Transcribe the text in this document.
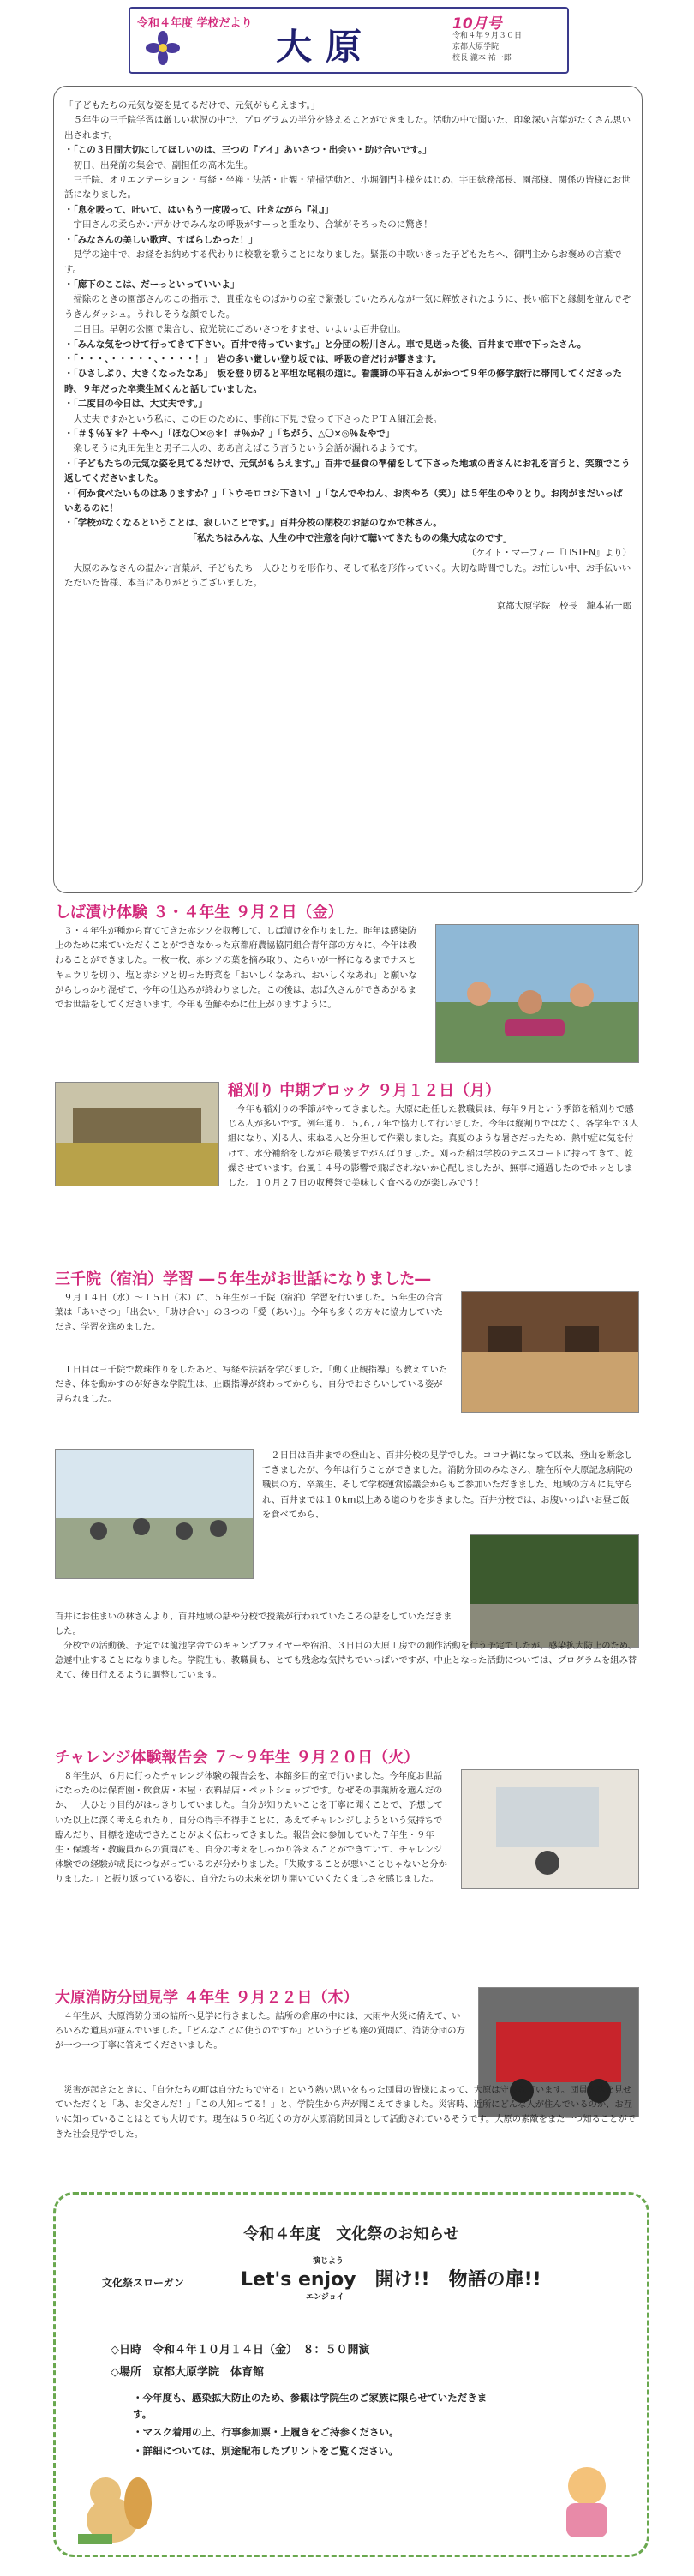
令和４年度 学校だより
大原
10月号
令和４年９月３０日
京都大原学院
校長 瀧本 祐一郎

「子どもたちの元気な姿を見てるだけで、元気がもらえます。」

　５年生の三千院学習は厳しい状況の中で、プログラムの半分を終えることができました。活動の中で聞いた、印象深い言葉がたくさん思い出されます。

・「この３日間大切にしてほしいのは、三つの『アイ』あいさつ・出会い・助け合いです。」

　初日、出発前の集会で、副担任の高木先生。

　三千院、オリエンテーション・写経・坐禅・法話・止観・清掃活動と、小堀御門主様をはじめ、宇田総務部長、園部様、関係の皆様にお世話になりました。

・「息を吸って、吐いて、はいもう一度吸って、吐きながら『礼』」

　宇田さんの柔らかい声かけでみんなの呼吸がすーっと重なり、合掌がそろったのに驚き！

・「みなさんの美しい歌声、すばらしかった！」

　見学の途中で、お経をお納めする代わりに校歌を歌うことになりました。緊張の中歌いきった子どもたちへ、御門主からお褒めの言葉です。

・「廊下のここは、だーっといっていいよ」

　掃除のときの園部さんのこの指示で、貴重なものばかりの室で緊張していたみんなが一気に解放されたように、長い廊下と縁側を並んでぞうきんダッシュ。うれしそうな顔でした。

　二日目。早朝の公園で集合し、寂光院にごあいさつをすませ、いよいよ百井登山。

・「みんな気をつけて行ってきて下さい。百井で待っています。」と分団の粉川さん。車で見送った後、百井まで車で下ったさん。

・「・・・、・・・・・、・・・・！」　岩の多い厳しい登り坂では、呼吸の音だけが響きます。

・「ひさしぶり、大きくなったなあ」　坂を登り切ると平坦な尾根の道に。看護師の平石さんがかつて９年の修学旅行に帯同してくださった時、９年だった卒業生Ｍくんと話していました。

・「二度目の今日は、大丈夫です。」

　大丈夫ですかという私に、この日のために、事前に下見で登って下さったＰＴＡ細江会長。

・「＃＄％￥＊？＋やへ」「ほな〇×◎＊！＃％か？」「ちがう、△〇×◎％＆やで」

　楽しそうに丸田先生と男子二人の、ああ言えばこう言うという会話が漏れるようです。

・「子どもたちの元気な姿を見てるだけで、元気がもらえます。」百井で昼食の準備をして下さった地域の皆さんにお礼を言うと、笑顔でこう返してくださいました。

・「何か食べたいものはありますか？」「トウモロコシ下さい！」「なんでやねん、お肉やろ（笑）」は５年生のやりとり。お肉がまだいっぱいあるのに！

・「学校がなくなるということは、寂しいことです。」百井分校の閉校のお話のなかで林さん。

　「私たちはみんな、人生の中で注意を向けて聴いてきたものの集大成なのです」

（ケイト・マーフィー『LISTEN』より）

　大原のみなさんの温かい言葉が、子どもたち一人ひとりを形作り、そして私を形作っていく。大切な時間でした。お忙しい中、お手伝いいただいた皆様、本当にありがとうございました。

京都大原学院　校長　瀧本祐一郎

しば漬け体験 ３・４年生 ９月２日（金）
　３・４年生が種から育ててきた赤シソを収穫して、しば漬けを作りました。昨年は感染防止のために来ていただくことができなかった京都府農協協同組合青年部の方々に、今年は教わることができました。一枚一枚、赤シソの葉を摘み取り、たらいが一杯になるまでナスとキュウリを切り、塩と赤シソと切った野菜を「おいしくなあれ、おいしくなあれ」と願いながらしっかり混ぜて、今年の仕込みが終わりました。この後は、志ば久さんができあがるまでお世話をしてくださいます。今年も色鮮やかに仕上がりますように。
稲刈り 中期ブロック ９月１２日（月）
　今年も稲刈りの季節がやってきました。大原に赴任した教職員は、毎年９月という季節を稲刈りで感じる人が多いです。例年通り、５,６,７年で協力して行いました。今年は縦割りではなく、各学年で３人組になり、刈る人、束ねる人と分担して作業しました。真夏のような暑さだったため、熱中症に気を付けて、水分補給をしながら最後までがんばりました。刈った稲は学校のテニスコートに持ってきて、乾燥させています。台風１４号の影響で飛ばされないか心配しましたが、無事に通過したのでホッとしました。１０月２７日の収穫祭で美味しく食べるのが楽しみです！
三千院（宿泊）学習 ―５年生がお世話になりました―
　９月１４日（水）～１５日（木）に、５年生が三千院（宿泊）学習を行いました。５年生の合言葉は「あいさつ」「出会い」「助け合い」の３つの「愛（あい）」。今年も多くの方々に協力していただき、学習を進めました。
　１日目は三千院で数珠作りをしたあと、写経や法話を学びました。「動く止観指導」も教えていただき、体を動かすのが好きな学院生は、止観指導が終わってからも、自分でおさらいしている姿が見られました。
　２日目は百井までの登山と、百井分校の見学でした。コロナ禍になって以来、登山を断念してきましたが、今年は行うことができました。消防分団のみなさん、駐在所や大原記念病院の職員の方、卒業生、そして学校運営協議会からもご参加いただきました。地域の方々に見守られ、百井までは１０km以上ある道のりを歩きました。百井分校では、お腹いっぱいお昼ご飯を食べてから、
百井にお住まいの林さんより、百井地域の話や分校で授業が行われていたころの話をしていただきました。
　分校での活動後、予定では龍池学舎でのキャンプファイヤーや宿泊、３日目の大原工房での創作活動を行う予定でしたが、感染拡大防止のため、急遽中止することになりました。学院生も、教職員も、とても残念な気持ちでいっぱいですが、中止となった活動については、プログラムを組み替えて、後日行えるように調整しています。
チャレンジ体験報告会 ７～９年生 ９月２０日（火）
　８年生が、６月に行ったチャレンジ体験の報告会を、本館多目的室で行いました。今年度お世話になったのは保育園・飲食店・本屋・衣料品店・ペットショップです。なぜその事業所を選んだのか、一人ひとり目的がはっきりしていました。自分が知りたいことを丁寧に聞くことで、予想していた以上に深く考えられたり、自分の得手不得手ことに、あえてチャレンジしようという気持ちで臨んだり、目標を達成できたことがよく伝わってきました。報告会に参加していた７年生・９年生・保護者・教職員からの質問にも、自分の考えをしっかり答えることができていて、チャレンジ体験での経験が成長につながっているのが分かりました。「失敗することが悪いことじゃないと分かりました。」と振り返っている姿に、自分たちの未来を切り開いていくたくましさを感じました。
大原消防分団見学 ４年生 ９月２２日（木）
　４年生が、大原消防分団の詰所へ見学に行きました。詰所の倉庫の中には、大雨や火災に備えて、いろいろな道具が並んでいました。「どんなことに使うのですか」という子ども達の質問に、消防分団の方が一つ一つ丁寧に答えてくださいました。
　災害が起きたときに、「自分たちの町は自分たちで守る」という熱い思いをもった団員の皆様によって、大原は守られています。団員名簿を見せていただくと「あ、お父さんだ！」「この人知ってる！」と、学院生から声が聞こえてきました。災害時、近所にどんな人が住んでいるのか、お互いに知っていることはとても大切です。現在は５０名近くの方が大原消防団員として活動されているそうです。大原の素敵をまた一つ知ることができた社会見学でした。
令和４年度　文化祭のお知らせ
演じよう
文化祭スローガン	Let's enjoy　開け!!　物語の扉!!
エンジョイ
◇日時　令和４年１０月１４日（金）　８：５０開演
◇場所　京都大原学院　体育館
・今年度も、感染拡大防止のため、参観は学院生のご家族に限らせていただきます。
・マスク着用の上、行事参加票・上履きをご持参ください。
・詳細については、別途配布したプリントをご覧ください。
